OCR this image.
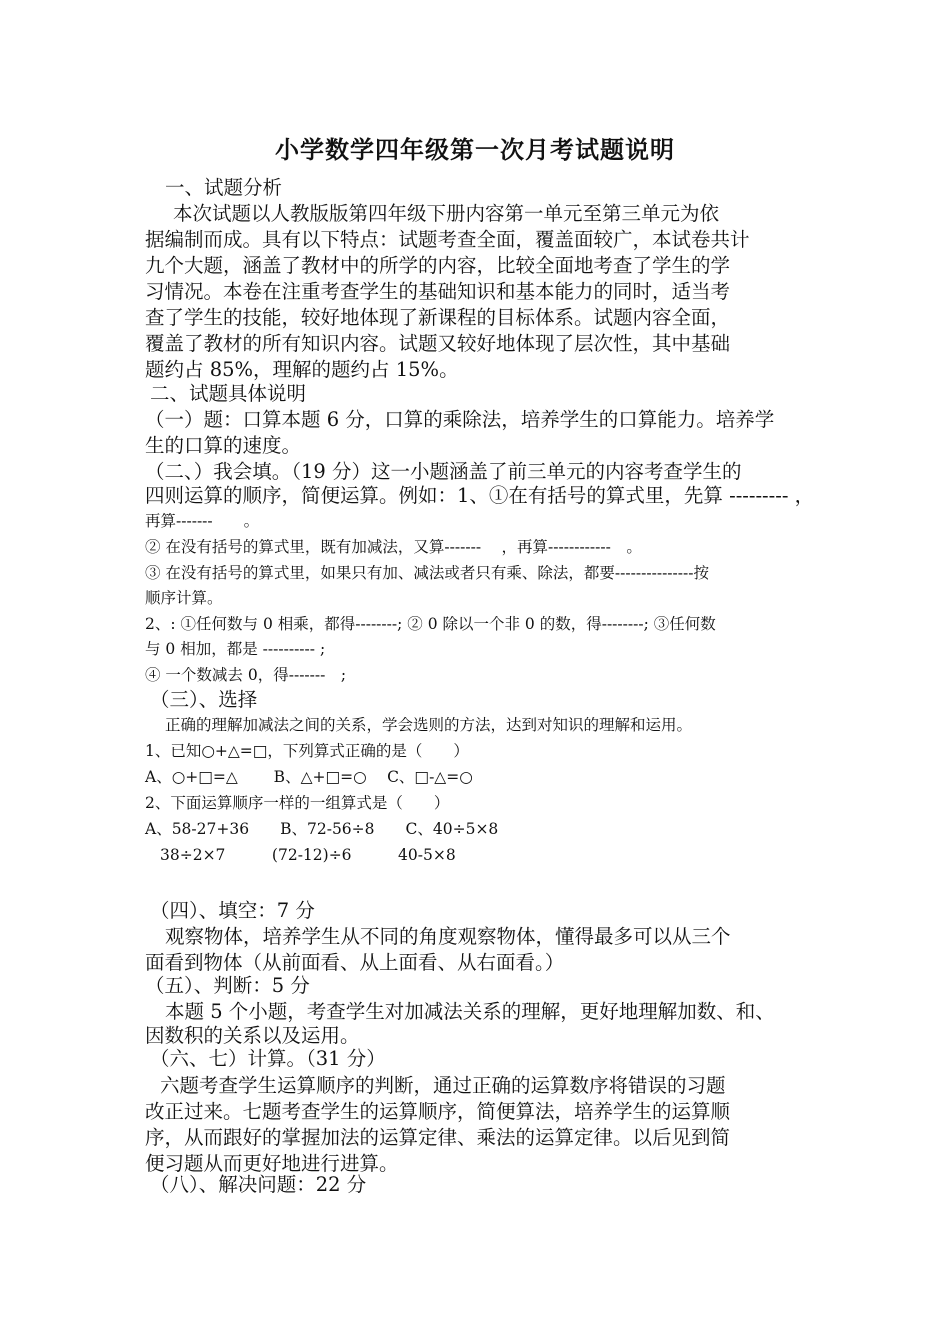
小学数学四年级第一次月考试题说明

一、试题分析

本次试题以人教版版第四年级下册内容第一单元至第三单元为依

据编制而成。具有以下特点：试题考查全面，覆盖面较广，本试卷共计

九个大题，涵盖了教材中的所学的内容，比较全面地考查了学生的学

习情况。本卷在注重考查学生的基础知识和基本能力的同时，适当考

查了学生的技能，较好地体现了新课程的目标体系。试题内容全面，

覆盖了教材的所有知识内容。试题又较好地体现了层次性，其中基础

题约占 85%，理解的题约占 15%。

二、试题具体说明

（一）题：口算本题 6 分，口算的乘除法，培养学生的口算能力。培养学

生的口算的速度。

（二、）我会填。（19 分）这一小题涵盖了前三单元的内容考查学生的

四则运算的顺序，简便运算。例如：1、①在有括号的算式里，先算 --------- ，

再算-------　　。

② 在没有括号的算式里，既有加减法，又算-------　 ，再算------------　。

③ 在没有括号的算式里，如果只有加、减法或者只有乘、除法，都要---------------按

顺序计算。

2、: ①任何数与 0 相乘，都得--------; ② 0 除以一个非 0 的数，得--------; ③任何数

与 0 相加，都是 ---------- ;

④ 一个数减去 0，得-------　;

（三）、选择

正确的理解加减法之间的关系，学会选则的方法，达到对知识的理解和运用。

1、已知○+△=□，下列算式正确的是（　　）

A、○+□=△　　 B、△+□=○　 C、□-△=○

2、下面运算顺序一样的一组算式是（　　）

A、58-27+36　　B、72-56÷8　　C、40÷5×8

38÷2×7　　　(72-12)÷6　　　40-5×8

（四）、填空：7 分

观察物体，培养学生从不同的角度观察物体，懂得最多可以从三个

面看到物体（从前面看、从上面看、从右面看。）

（五）、判断：5 分

本题 5 个小题，考查学生对加减法关系的理解，更好地理解加数、和、

因数积的关系以及运用。

（六、七）计算。（31 分）

六题考查学生运算顺序的判断，通过正确的运算数序将错误的习题

改正过来。七题考查学生的运算顺序，简便算法，培养学生的运算顺

序，从而跟好的掌握加法的运算定律、乘法的运算定律。以后见到简

便习题从而更好地进行进算。

（八）、解决问题：22 分
